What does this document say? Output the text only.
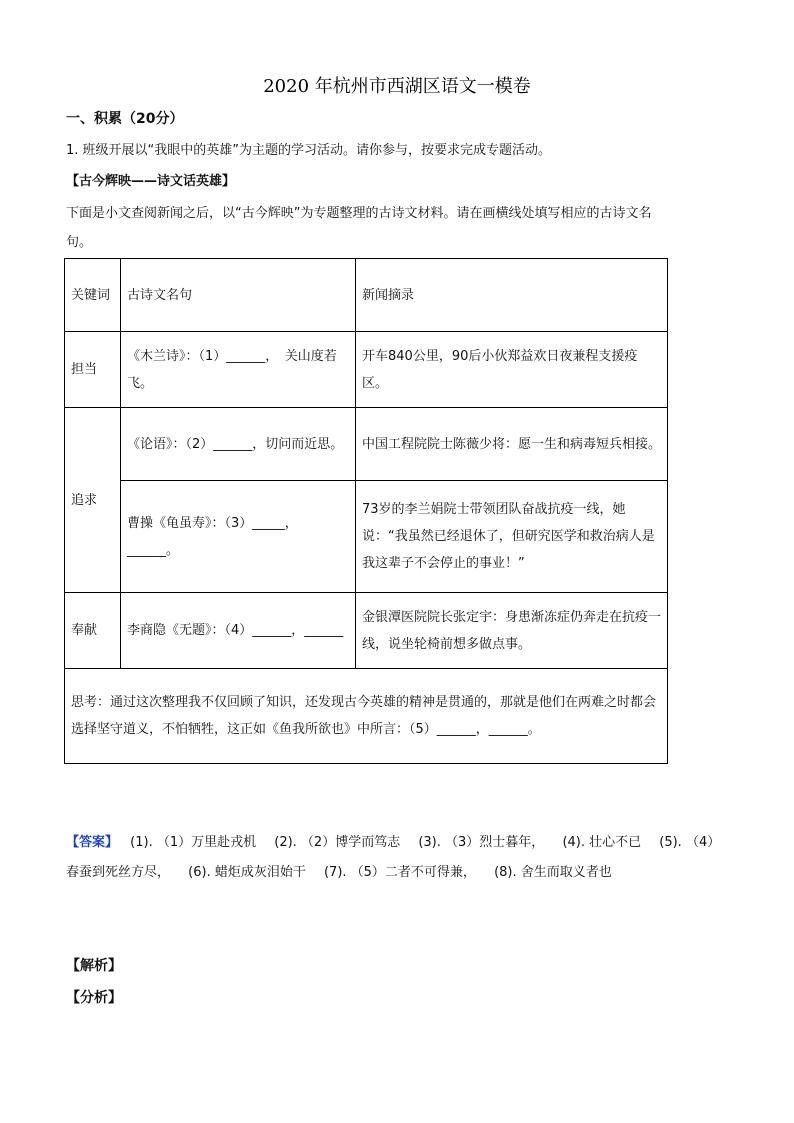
2020 年杭州市西湖区语文一模卷
一、积累（20分）
1. 班级开展以“我眼中的英雄”为主题的学习活动。请你参与，按要求完成专题活动。
【古今辉映——诗文话英雄】
下面是小文查阅新闻之后，以“古今辉映”为专题整理的古诗文材料。请在画横线处填写相应的古诗文名
句。
关键词	古诗文名句	新闻摘录
担当	《木兰诗》：（1）______，　关山度若飞。	开车840公里，90后小伙郑益欢日夜兼程支援疫区。
追求	《论语》：（2）______，切问而近思。	中国工程院院士陈薇少将：愿一生和病毒短兵相接。
	曹操《龟虽寿》：（3）_____，______。	73岁的李兰娟院士带领团队奋战抗疫一线，她说：“我虽然已经退休了，但研究医学和救治病人是我这辈子不会停止的事业！”
奉献	李商隐《无题》：（4）______，______	金银潭医院院长张定宇：身患渐冻症仍奔走在抗疫一线，说坐轮椅前想多做点事。
思考：通过这次整理我不仅回顾了知识，还发现古今英雄的精神是贯通的，那就是他们在两难之时都会选择坚守道义，不怕牺牲，这正如《鱼我所欲也》中所言：（5）______，______。		
【答案】 (1). （1）万里赴戎机 (2). （2）博学而笃志 (3). （3）烈士暮年， (4). 壮心不已 (5). （4）春蚕到死丝方尽， (6). 蜡炬成灰泪始干 (7). （5）二者不可得兼， (8). 舍生而取义者也
【解析】
【分析】
